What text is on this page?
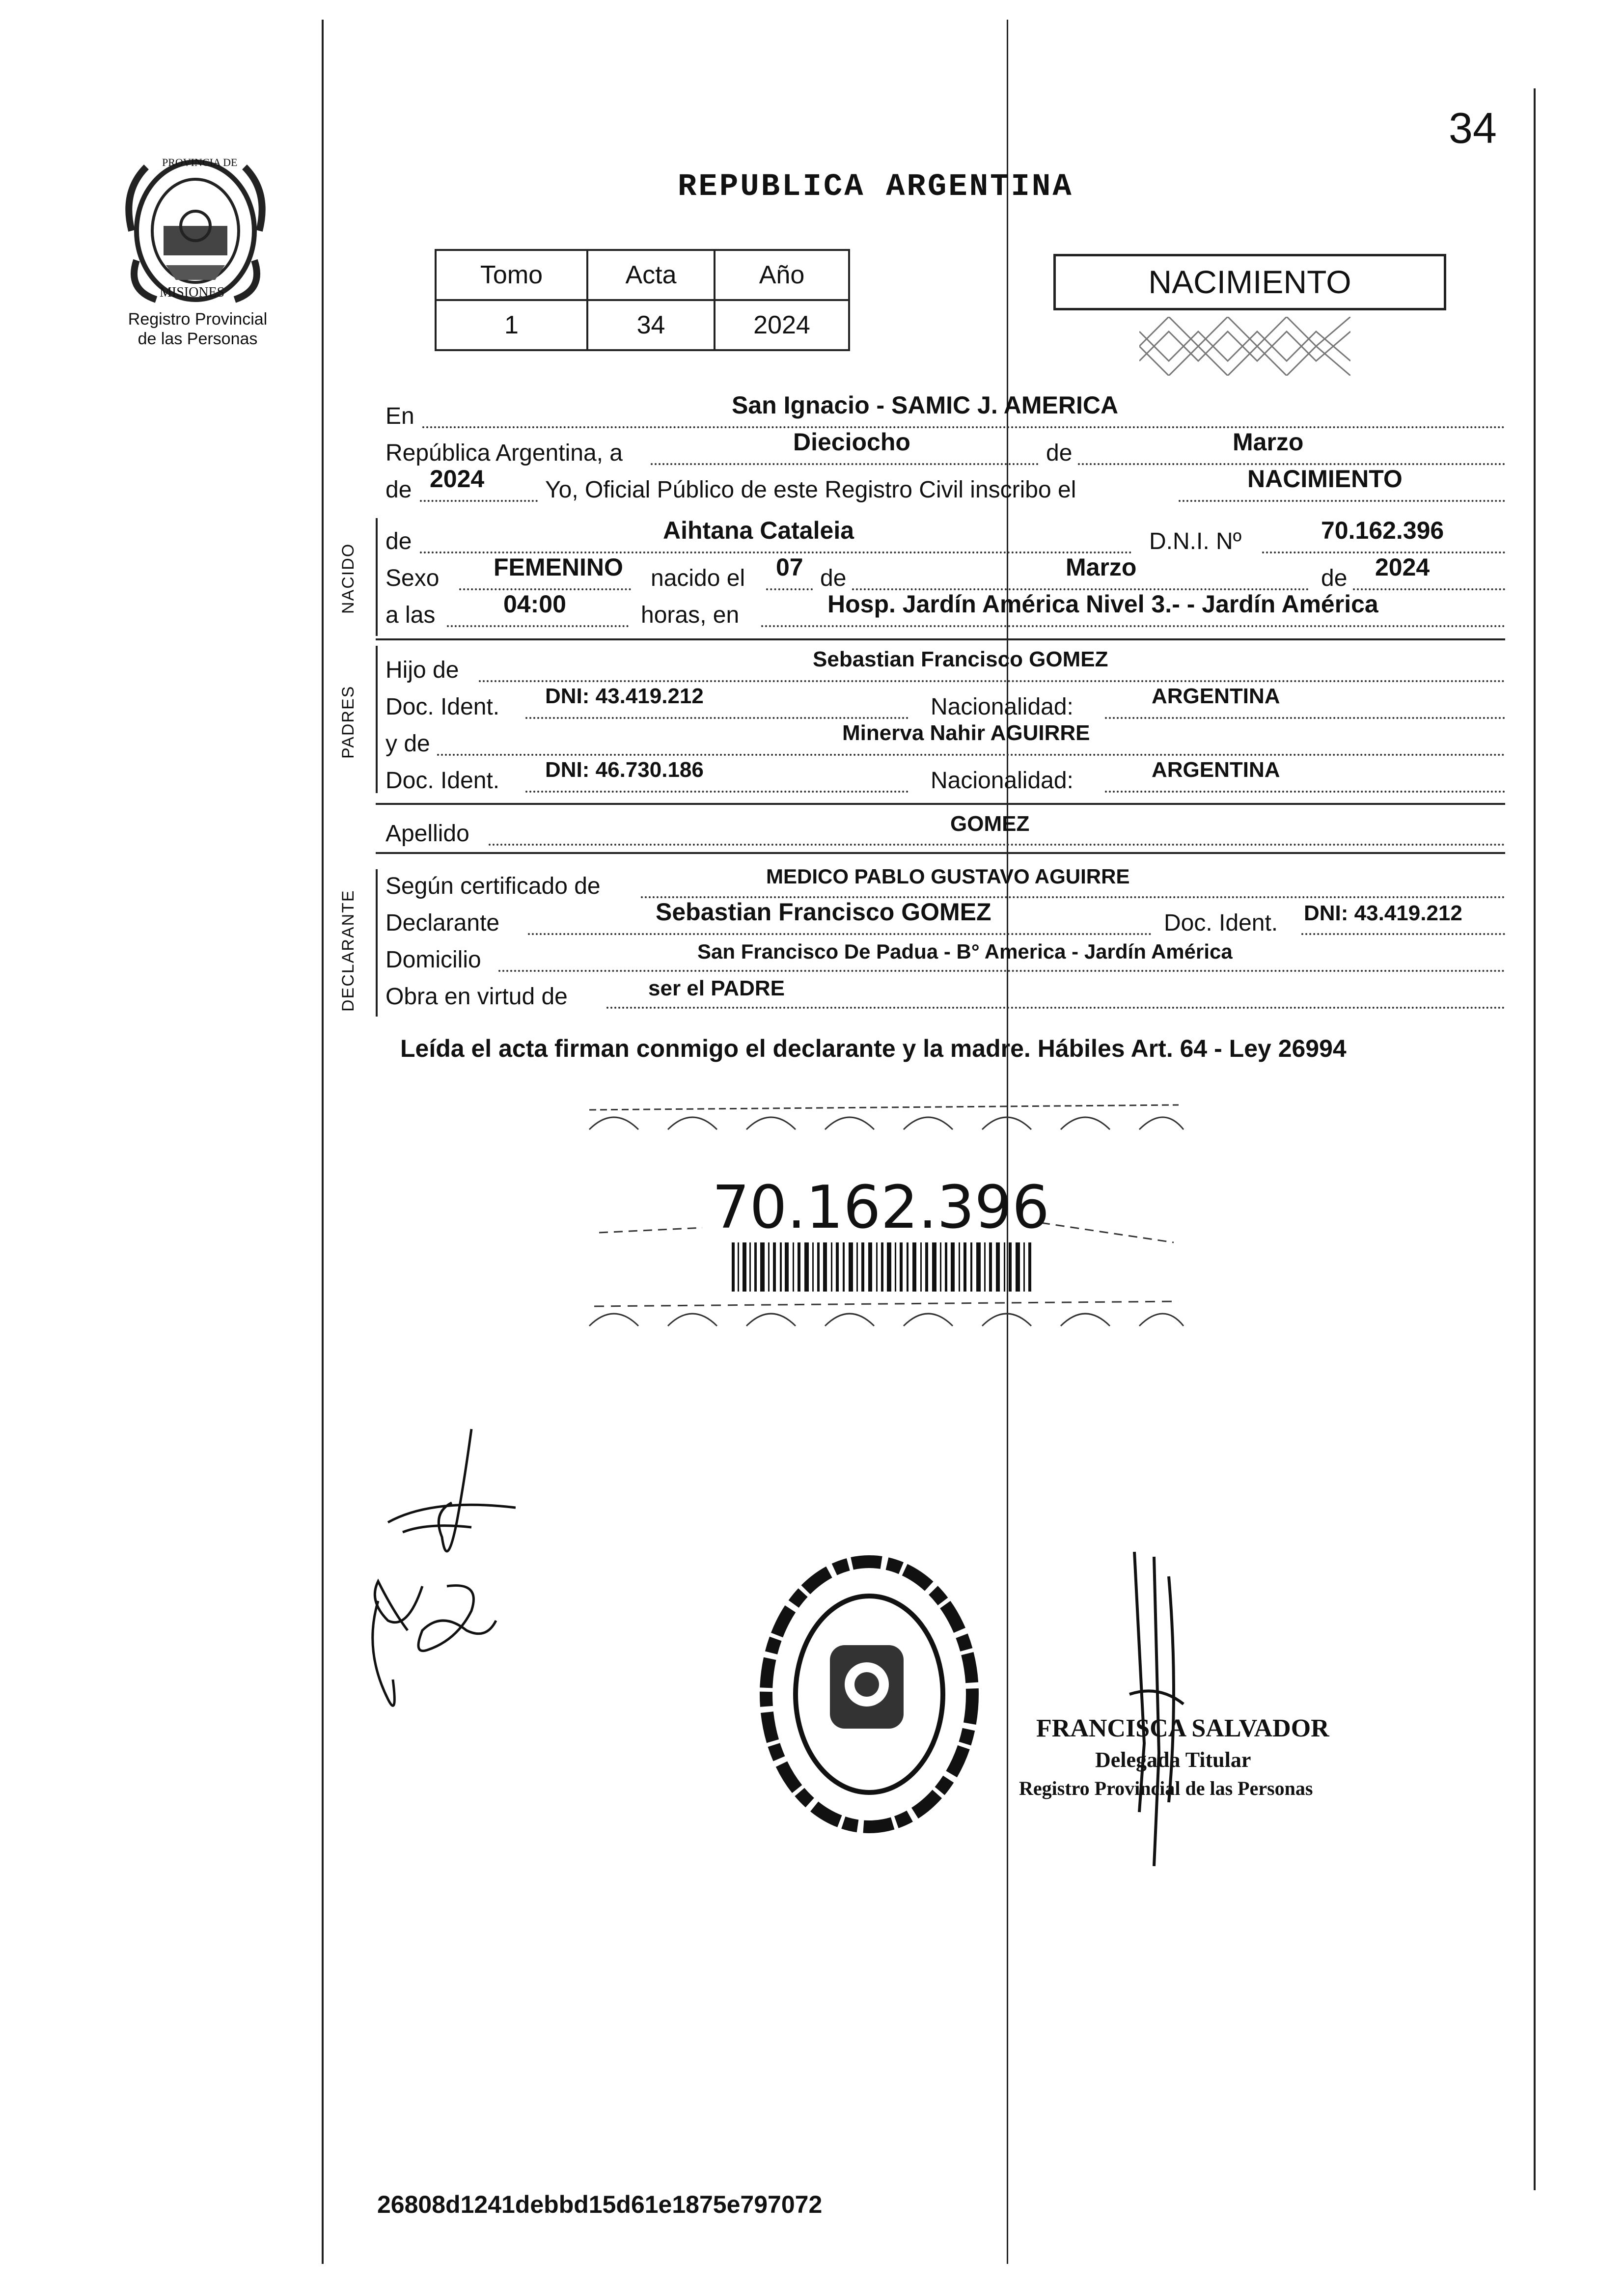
PROVINCIA DE
MISIONES
Registro Provincial
de las Personas
34
REPUBLICA ARGENTINA
Tomo	Acta	Año
1	34	2024
NACIMIENTO
En	San Ignacio - SAMIC J. AMERICA
República Argentina, a	Dieciocho	de	Marzo
de 2024	Yo, Oficial Público de este Registro Civil inscribo el	NACIMIENTO
NACIDO
de	Aihtana Cataleia	D.N.I. Nº	70.162.396
Sexo FEMENINO nacido el 07 de	Marzo	de 2024
a las	04:00	horas, en	Hosp. Jardín América Nivel 3.- - Jardín América
PADRES
Hijo de	Sebastian Francisco GOMEZ
Doc. Ident. DNI: 43.419.212	Nacionalidad:	ARGENTINA
y de	Minerva Nahir AGUIRRE
Doc. Ident. DNI: 46.730.186	Nacionalidad:	ARGENTINA
Apellido	GOMEZ
DECLARANTE
Según certificado de	MEDICO PABLO GUSTAVO AGUIRRE
Declarante	Sebastian Francisco GOMEZ	Doc. Ident. DNI: 43.419.212
Domicilio	San Francisco De Padua - B° America - Jardín América
Obra en virtud de	ser el PADRE
Leída el acta firman conmigo el declarante y la madre. Hábiles Art. 64 - Ley 26994
70.162.396
FRANCISCA SALVADOR
Delegada Titular
Registro Provincial de las Personas
26808d1241debbd15d61e1875e797072
